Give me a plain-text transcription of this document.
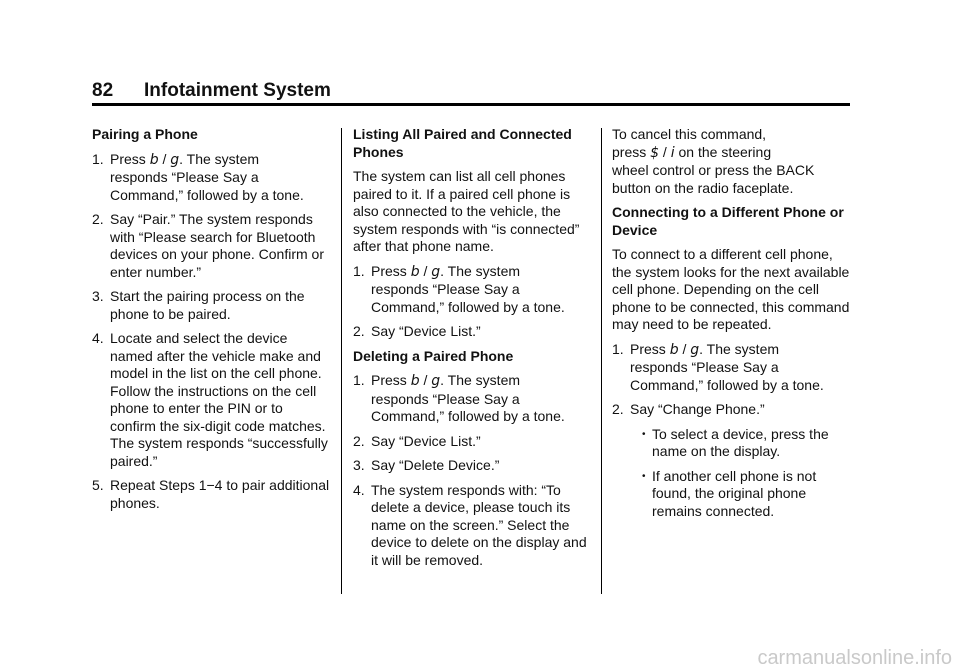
82 Infotainment System
Pairing a Phone
1. Press b / g. The system
responds “Please Say a Command,” followed by a tone.
2. Say “Pair.” The system responds with “Please search for Bluetooth devices on your phone. Confirm or enter number.”
3. Start the pairing process on the phone to be paired.
4. Locate and select the device named after the vehicle make and model in the list on the cell phone. Follow the instructions on the cell phone to enter the PIN or to confirm the six-digit code matches. The system responds “successfully paired.”
5. Repeat Steps 1−4 to pair additional phones.
Listing All Paired and Connected Phones

The system can list all cell phones paired to it. If a paired cell phone is also connected to the vehicle, the system responds with “is connected” after that phone name.

1. Press b / g. The system
responds “Please Say a Command,” followed by a tone.
2. Say “Device List.”
Deleting a Paired Phone
1. Press b / g. The system
responds “Please Say a Command,” followed by a tone.
2. Say “Device List.”
3. Say “Delete Device.”
4. The system responds with: “To delete a device, please touch its name on the screen.” Select the device to delete on the display and it will be removed.

To cancel this command,
press $ / i on the steering
wheel control or press the BACK button on the radio faceplate.

Connecting to a Different Phone or Device

To connect to a different cell phone, the system looks for the next available cell phone. Depending on the cell phone to be connected, this command may need to be repeated.

1. Press b / g. The system
responds “Please Say a Command,” followed by a tone.
2. Say “Change Phone.”
• To select a device, press the name on the display.
• If another cell phone is not found, the original phone remains connected.
carmanualsonline.info
